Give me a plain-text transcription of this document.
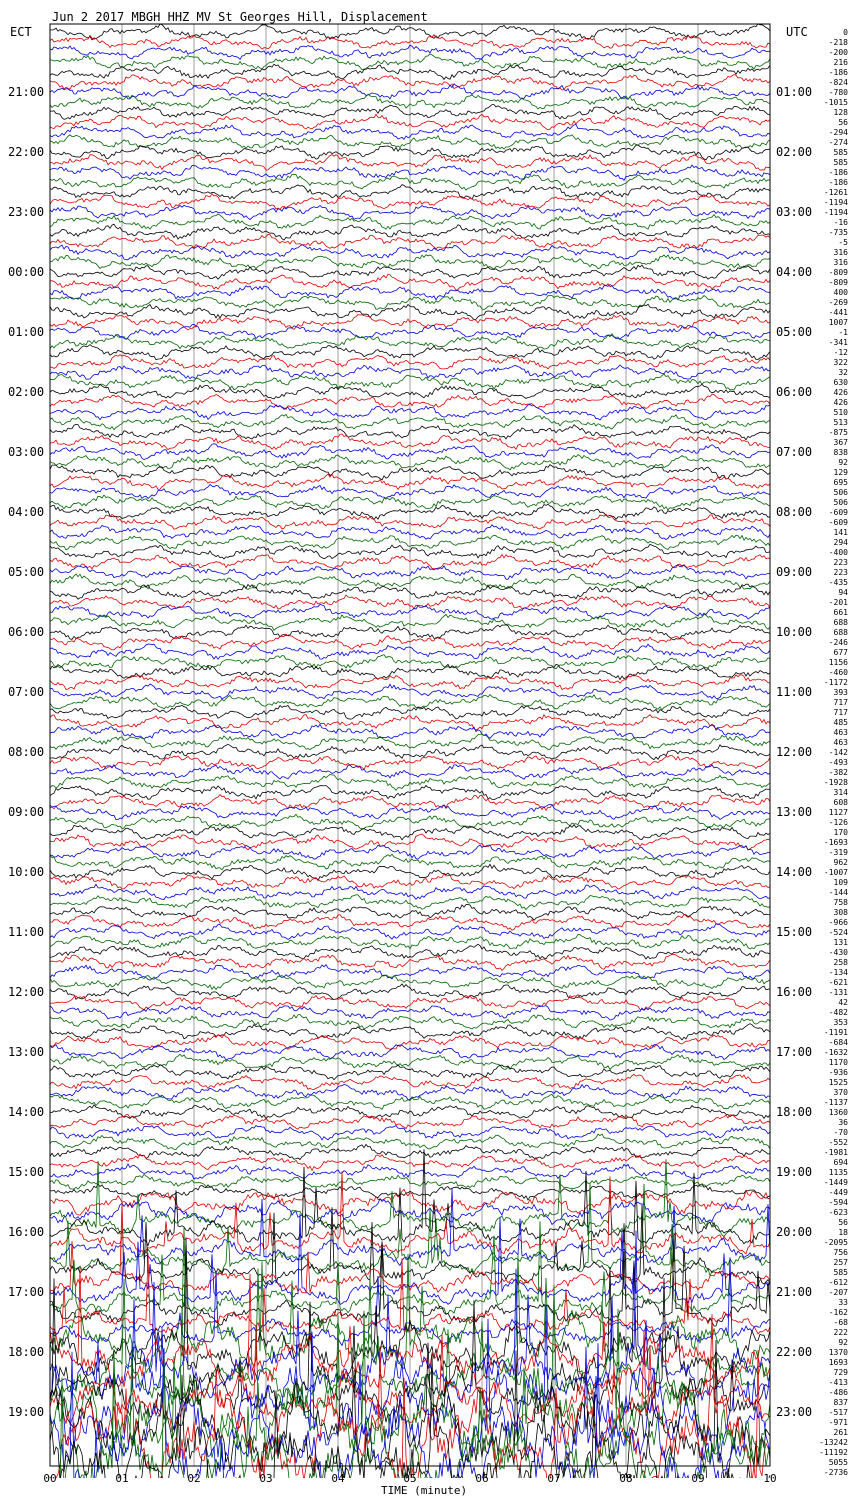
Jun 2 2017 MBGH HHZ MV St Georges Hill, Displacement
ECT	UTC
TIME (minute)
21:00
22:00
23:00
00:00
01:00
02:00
03:00
04:00
05:00
06:00
07:00
08:00
09:00
10:00
11:00
12:00
13:00
14:00
15:00
16:00
17:00
18:00
19:00
01:00
02:00
03:00
04:00
05:00
06:00
07:00
08:00
09:00
10:00
11:00
12:00
13:00
14:00
15:00
16:00
17:00
18:00
19:00
20:00
21:00
22:00
23:00
0
-218
-200
216
-186
-824
-780
-1015
128
56
-294
-274
585
585
-186
-186
-1261
-1194
-1194
-16
-735
-5
316
316
-809
-809
400
-269
-441
1007
-1
-341
-12
322
32
630
426
426
510
513
-875
367
838
92
129
695
506
506
-609
-609
141
294
-400
223
223
-435
94
-201
661
688
688
-246
677
1156
-460
-1172
393
717
717
485
463
463
-142
-493
-382
-1928
314
608
1127
-126
170
-1693
-319
962
-1007
109
-144
758
308
-966
-524
131
-430
258
-134
-621
-131
42
-482
353
-1191
-684
-1632
1170
-936
1525
370
-1137
1360
36
-70
-552
-1981
694
1135
-1449
-449
-594
-623
56
18
-2095
756
257
585
-612
-207
33
-162
-68
222
92
1370
1693
729
-413
-486
837
-517
-971
261
-13242
-11192
5055
-2736
00	01	02	03	04	05	06	07	08	09	10
